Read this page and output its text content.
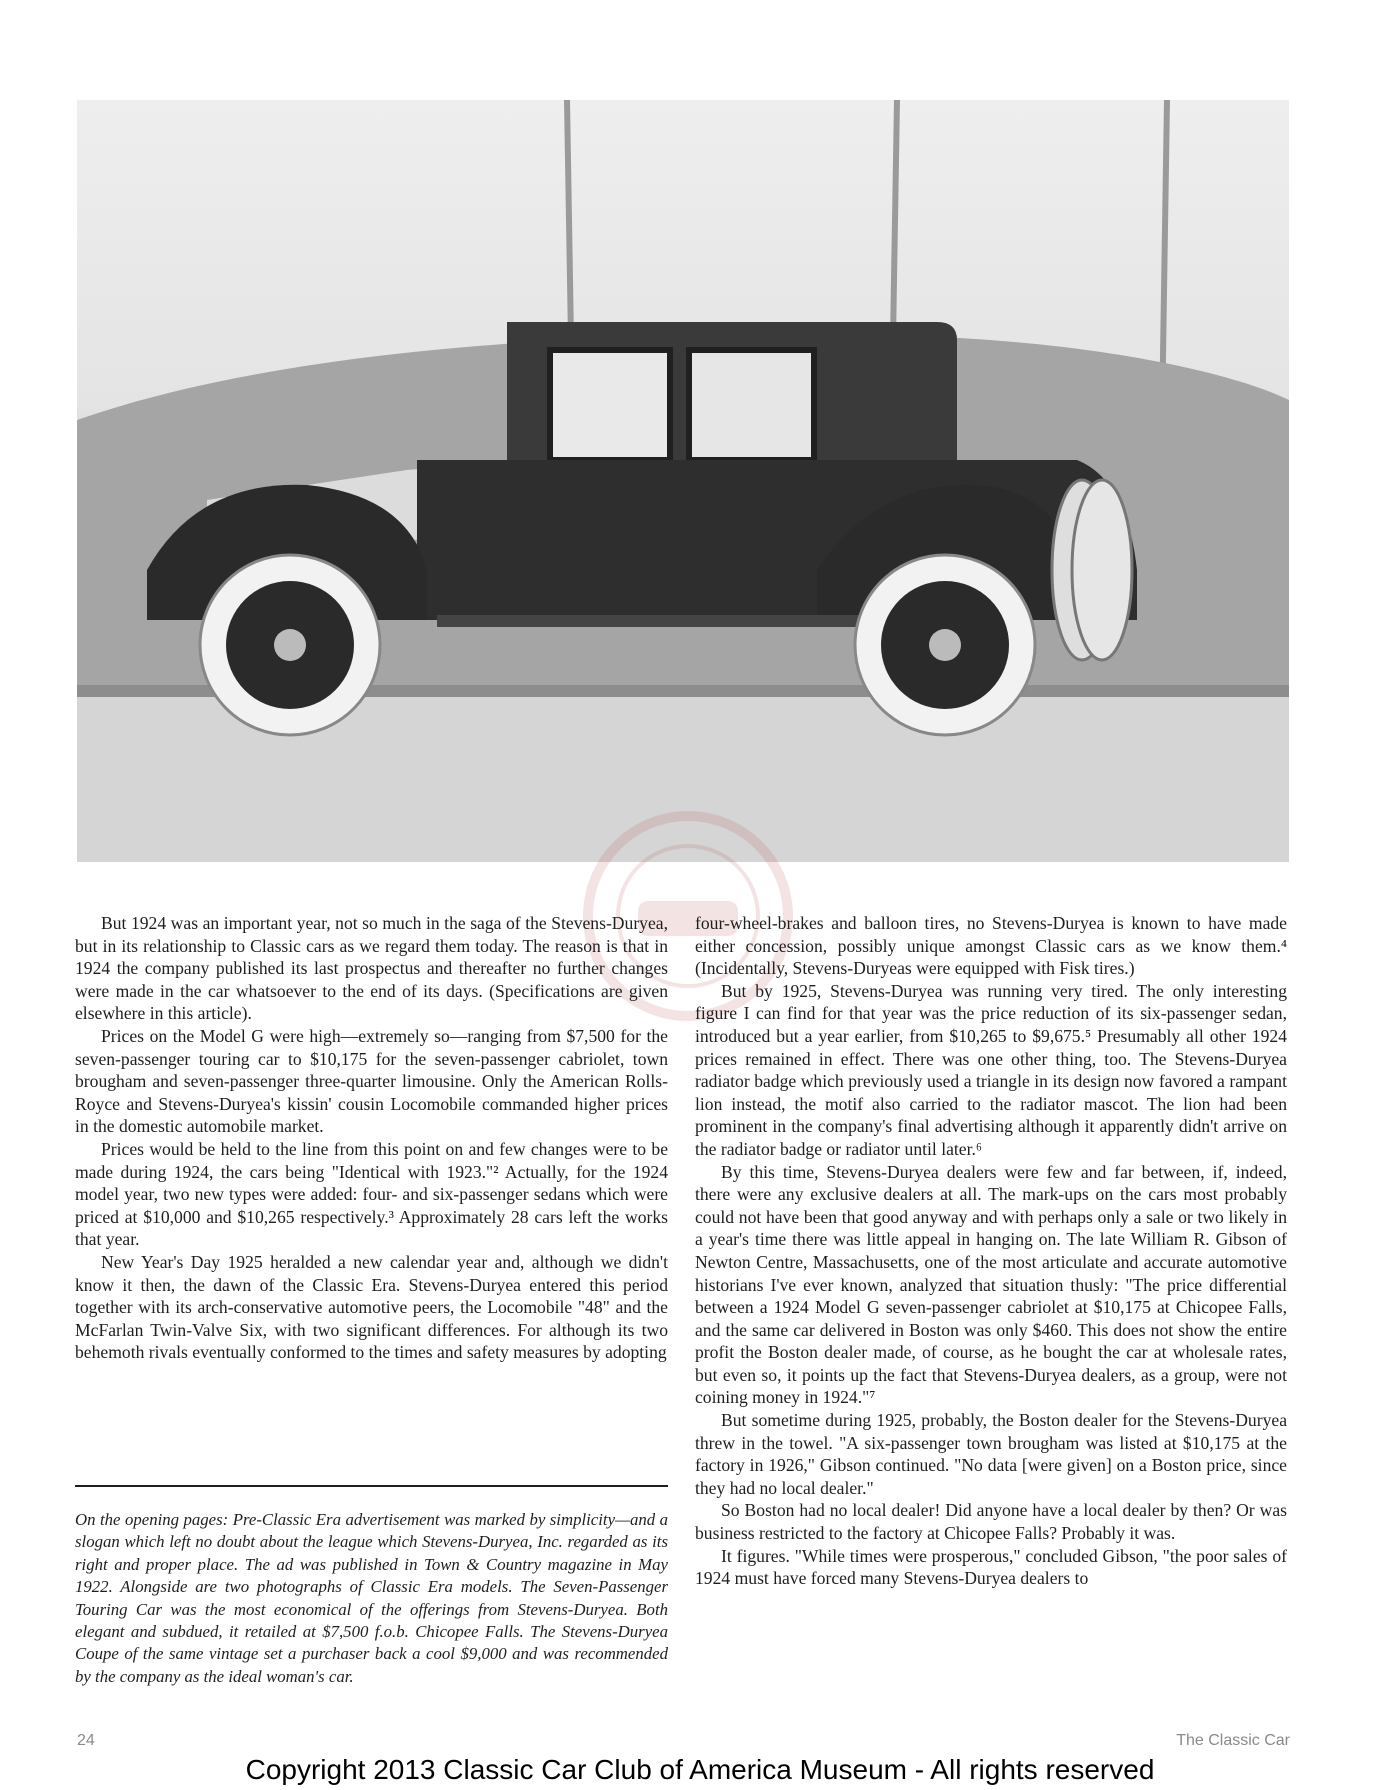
But 1924 was an important year, not so much in the saga of the Stevens-Duryea, but in its relationship to Classic cars as we regard them today. The reason is that in 1924 the company published its last prospectus and thereafter no further changes were made in the car whatsoever to the end of its days. (Specifications are given elsewhere in this article).

Prices on the Model G were high—extremely so—ranging from $7,500 for the seven-passenger touring car to $10,175 for the seven-passenger cabriolet, town brougham and seven-passenger three-quarter limousine. Only the American Rolls-Royce and Stevens-Duryea's kissin' cousin Locomobile commanded higher prices in the domestic automobile market.

Prices would be held to the line from this point on and few changes were to be made during 1924, the cars being "Identical with 1923."² Actually, for the 1924 model year, two new types were added: four- and six-passenger sedans which were priced at $10,000 and $10,265 respectively.³ Approximately 28 cars left the works that year.

New Year's Day 1925 heralded a new calendar year and, although we didn't know it then, the dawn of the Classic Era. Stevens-Duryea entered this period together with its arch-conservative automotive peers, the Locomobile "48" and the McFarlan Twin-Valve Six, with two significant differences. For although its two behemoth rivals eventually conformed to the times and safety measures by adopting

four-wheel-brakes and balloon tires, no Stevens-Duryea is known to have made either concession, possibly unique amongst Classic cars as we know them.⁴ (Incidentally, Stevens-Duryeas were equipped with Fisk tires.)

But by 1925, Stevens-Duryea was running very tired. The only interesting figure I can find for that year was the price reduction of its six-passenger sedan, introduced but a year earlier, from $10,265 to $9,675.⁵ Presumably all other 1924 prices remained in effect. There was one other thing, too. The Stevens-Duryea radiator badge which previously used a triangle in its design now favored a rampant lion instead, the motif also carried to the radiator mascot. The lion had been prominent in the company's final advertising although it apparently didn't arrive on the radiator badge or radiator until later.⁶

By this time, Stevens-Duryea dealers were few and far between, if, indeed, there were any exclusive dealers at all. The mark-ups on the cars most probably could not have been that good anyway and with perhaps only a sale or two likely in a year's time there was little appeal in hanging on. The late William R. Gibson of Newton Centre, Massachusetts, one of the most articulate and accurate automotive historians I've ever known, analyzed that situation thusly: "The price differential between a 1924 Model G seven-passenger cabriolet at $10,175 at Chicopee Falls, and the same car delivered in Boston was only $460. This does not show the entire profit the Boston dealer made, of course, as he bought the car at wholesale rates, but even so, it points up the fact that Stevens-Duryea dealers, as a group, were not coining money in 1924."⁷

But sometime during 1925, probably, the Boston dealer for the Stevens-Duryea threw in the towel. "A six-passenger town brougham was listed at $10,175 at the factory in 1926," Gibson continued. "No data [were given] on a Boston price, since they had no local dealer."

So Boston had no local dealer! Did anyone have a local dealer by then? Or was business restricted to the factory at Chicopee Falls? Probably it was.

It figures. "While times were prosperous," concluded Gibson, "the poor sales of 1924 must have forced many Stevens-Duryea dealers to

On the opening pages: Pre-Classic Era advertisement was marked by simplicity—and a slogan which left no doubt about the league which Stevens-Duryea, Inc. regarded as its right and proper place. The ad was published in Town & Country magazine in May 1922. Alongside are two photographs of Classic Era models. The Seven-Passenger Touring Car was the most economical of the offerings from Stevens-Duryea. Both elegant and subdued, it retailed at $7,500 f.o.b. Chicopee Falls. The Stevens-Duryea Coupe of the same vintage set a purchaser back a cool $9,000 and was recommended by the company as the ideal woman's car.
24	The Classic Car
Copyright 2013 Classic Car Club of America Museum - All rights reserved
